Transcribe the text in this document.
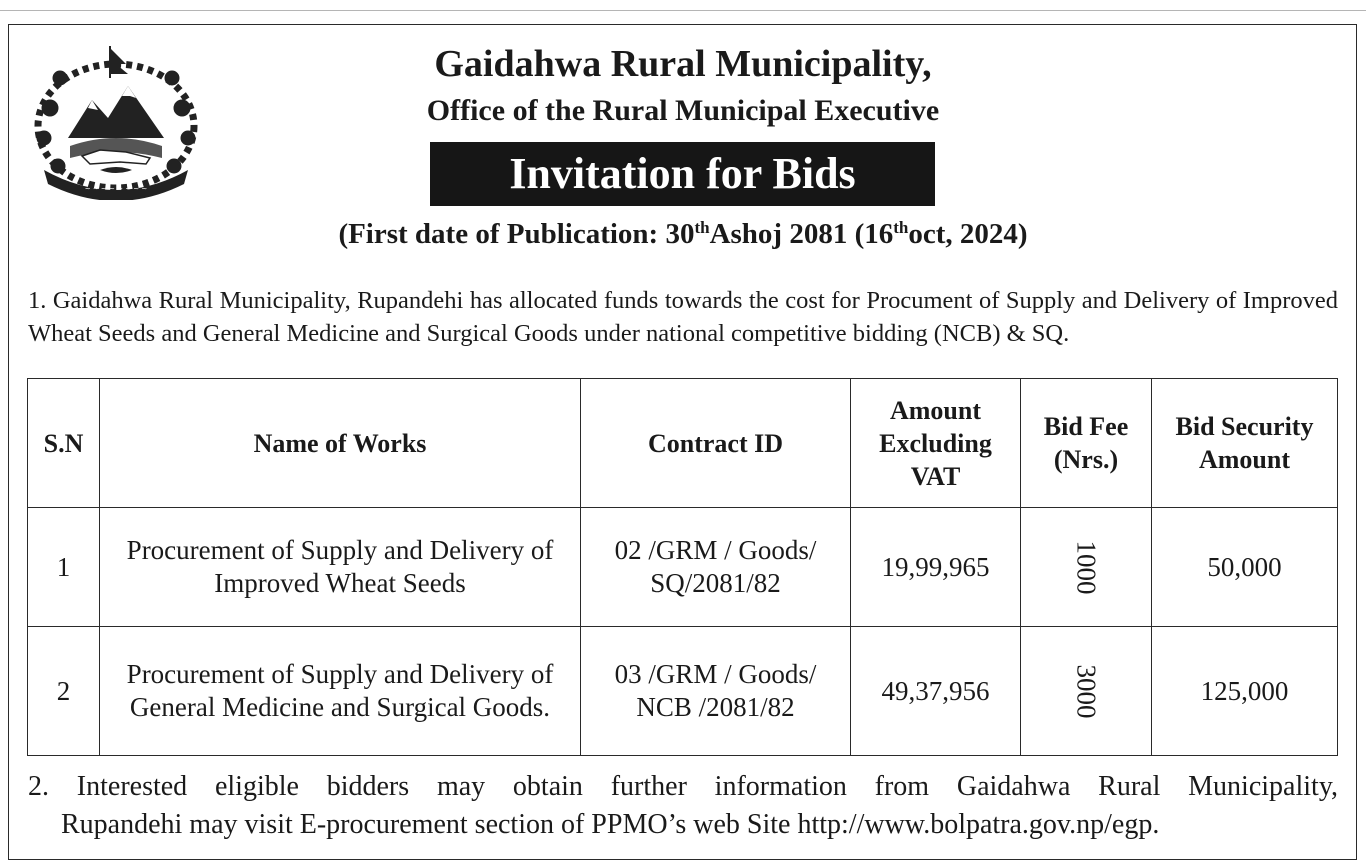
~ ~ ~ ~ ~ ~ ~ ~
Gaidahwa Rural Municipality,
Office of the Rural Municipal Executive
Invitation for Bids
(First date of Publication: 30thAshoj 2081 (16thoct, 2024)
1. Gaidahwa Rural Municipality, Rupandehi has allocated funds towards the cost for Procument of Supply and Delivery of Improved Wheat Seeds and General Medicine and Surgical Goods under national competitive bidding (NCB) & SQ.
S.N	Name of Works	Contract ID	Amount Excluding VAT	Bid Fee (Nrs.)	Bid Security Amount
1	Procurement of Supply and Delivery of Improved Wheat Seeds	02 /GRM / Goods/ SQ/2081/82	19,99,965	1000	50,000
2	Procurement of Supply and Delivery of General Medicine and Surgical Goods.	03 /GRM / Goods/ NCB /2081/82	49,37,956	3000	125,000
2. Interested eligible bidders may obtain further information from Gaidahwa Rural Municipality,
Rupandehi may visit E-procurement section of PPMO’s web Site http://www.bolpatra.gov.np/egp.
